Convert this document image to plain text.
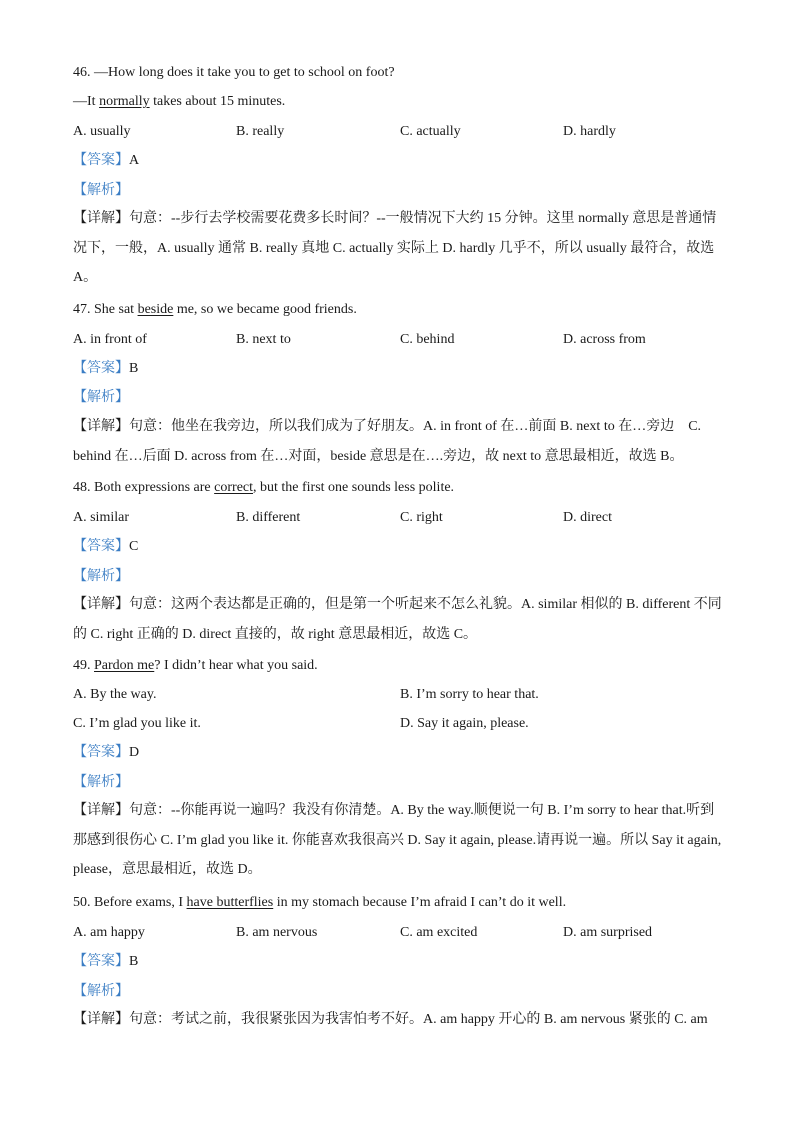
46. —How long does it take you to get to school on foot?
—It normally takes about 15 minutes.
A. usually	B. really	C. actually	D. hardly
【答案】A
【解析】
【详解】句意：--步行去学校需要花费多长时间？--一般情况下大约 15 分钟。这里 normally 意思是普通情况下，一般，A. usually 通常 B. really 真地 C. actually 实际上 D. hardly 几乎不，所以 usually 最符合，故选 A。
47. She sat beside me, so we became good friends.
A. in front of	B. next to	C. behind	D. across from
【答案】B
【解析】
【详解】句意：他坐在我旁边，所以我们成为了好朋友。A. in front of 在…前面 B. next to 在…旁边　C. behind 在…后面 D. across from 在…对面，beside 意思是在….旁边，故 next to 意思最相近，故选 B。
48. Both expressions are correct, but the first one sounds less polite.
A. similar	B. different	C. right	D. direct
【答案】C
【解析】
【详解】句意：这两个表达都是正确的，但是第一个听起来不怎么礼貌。A. similar 相似的 B. different 不同的 C. right 正确的 D. direct 直接的，故 right 意思最相近，故选 C。
49. Pardon me? I didn’t hear what you said.
A. By the way.	B. I’m sorry to hear that.
C. I’m glad you like it.	D. Say it again, please.
【答案】D
【解析】
【详解】句意：--你能再说一遍吗？我没有你清楚。A. By the way.顺便说一句 B. I’m sorry to hear that.听到那感到很伤心 C. I’m glad you like it. 你能喜欢我很高兴 D. Say it again, please.请再说一遍。所以 Say it again, please，意思最相近，故选 D。
50. Before exams, I have butterflies in my stomach because I’m afraid I can’t do it well.
A. am happy	B. am nervous	C. am excited	D. am surprised
【答案】B
【解析】
【详解】句意：考试之前，我很紧张因为我害怕考不好。A. am happy 开心的 B. am nervous 紧张的 C. am
